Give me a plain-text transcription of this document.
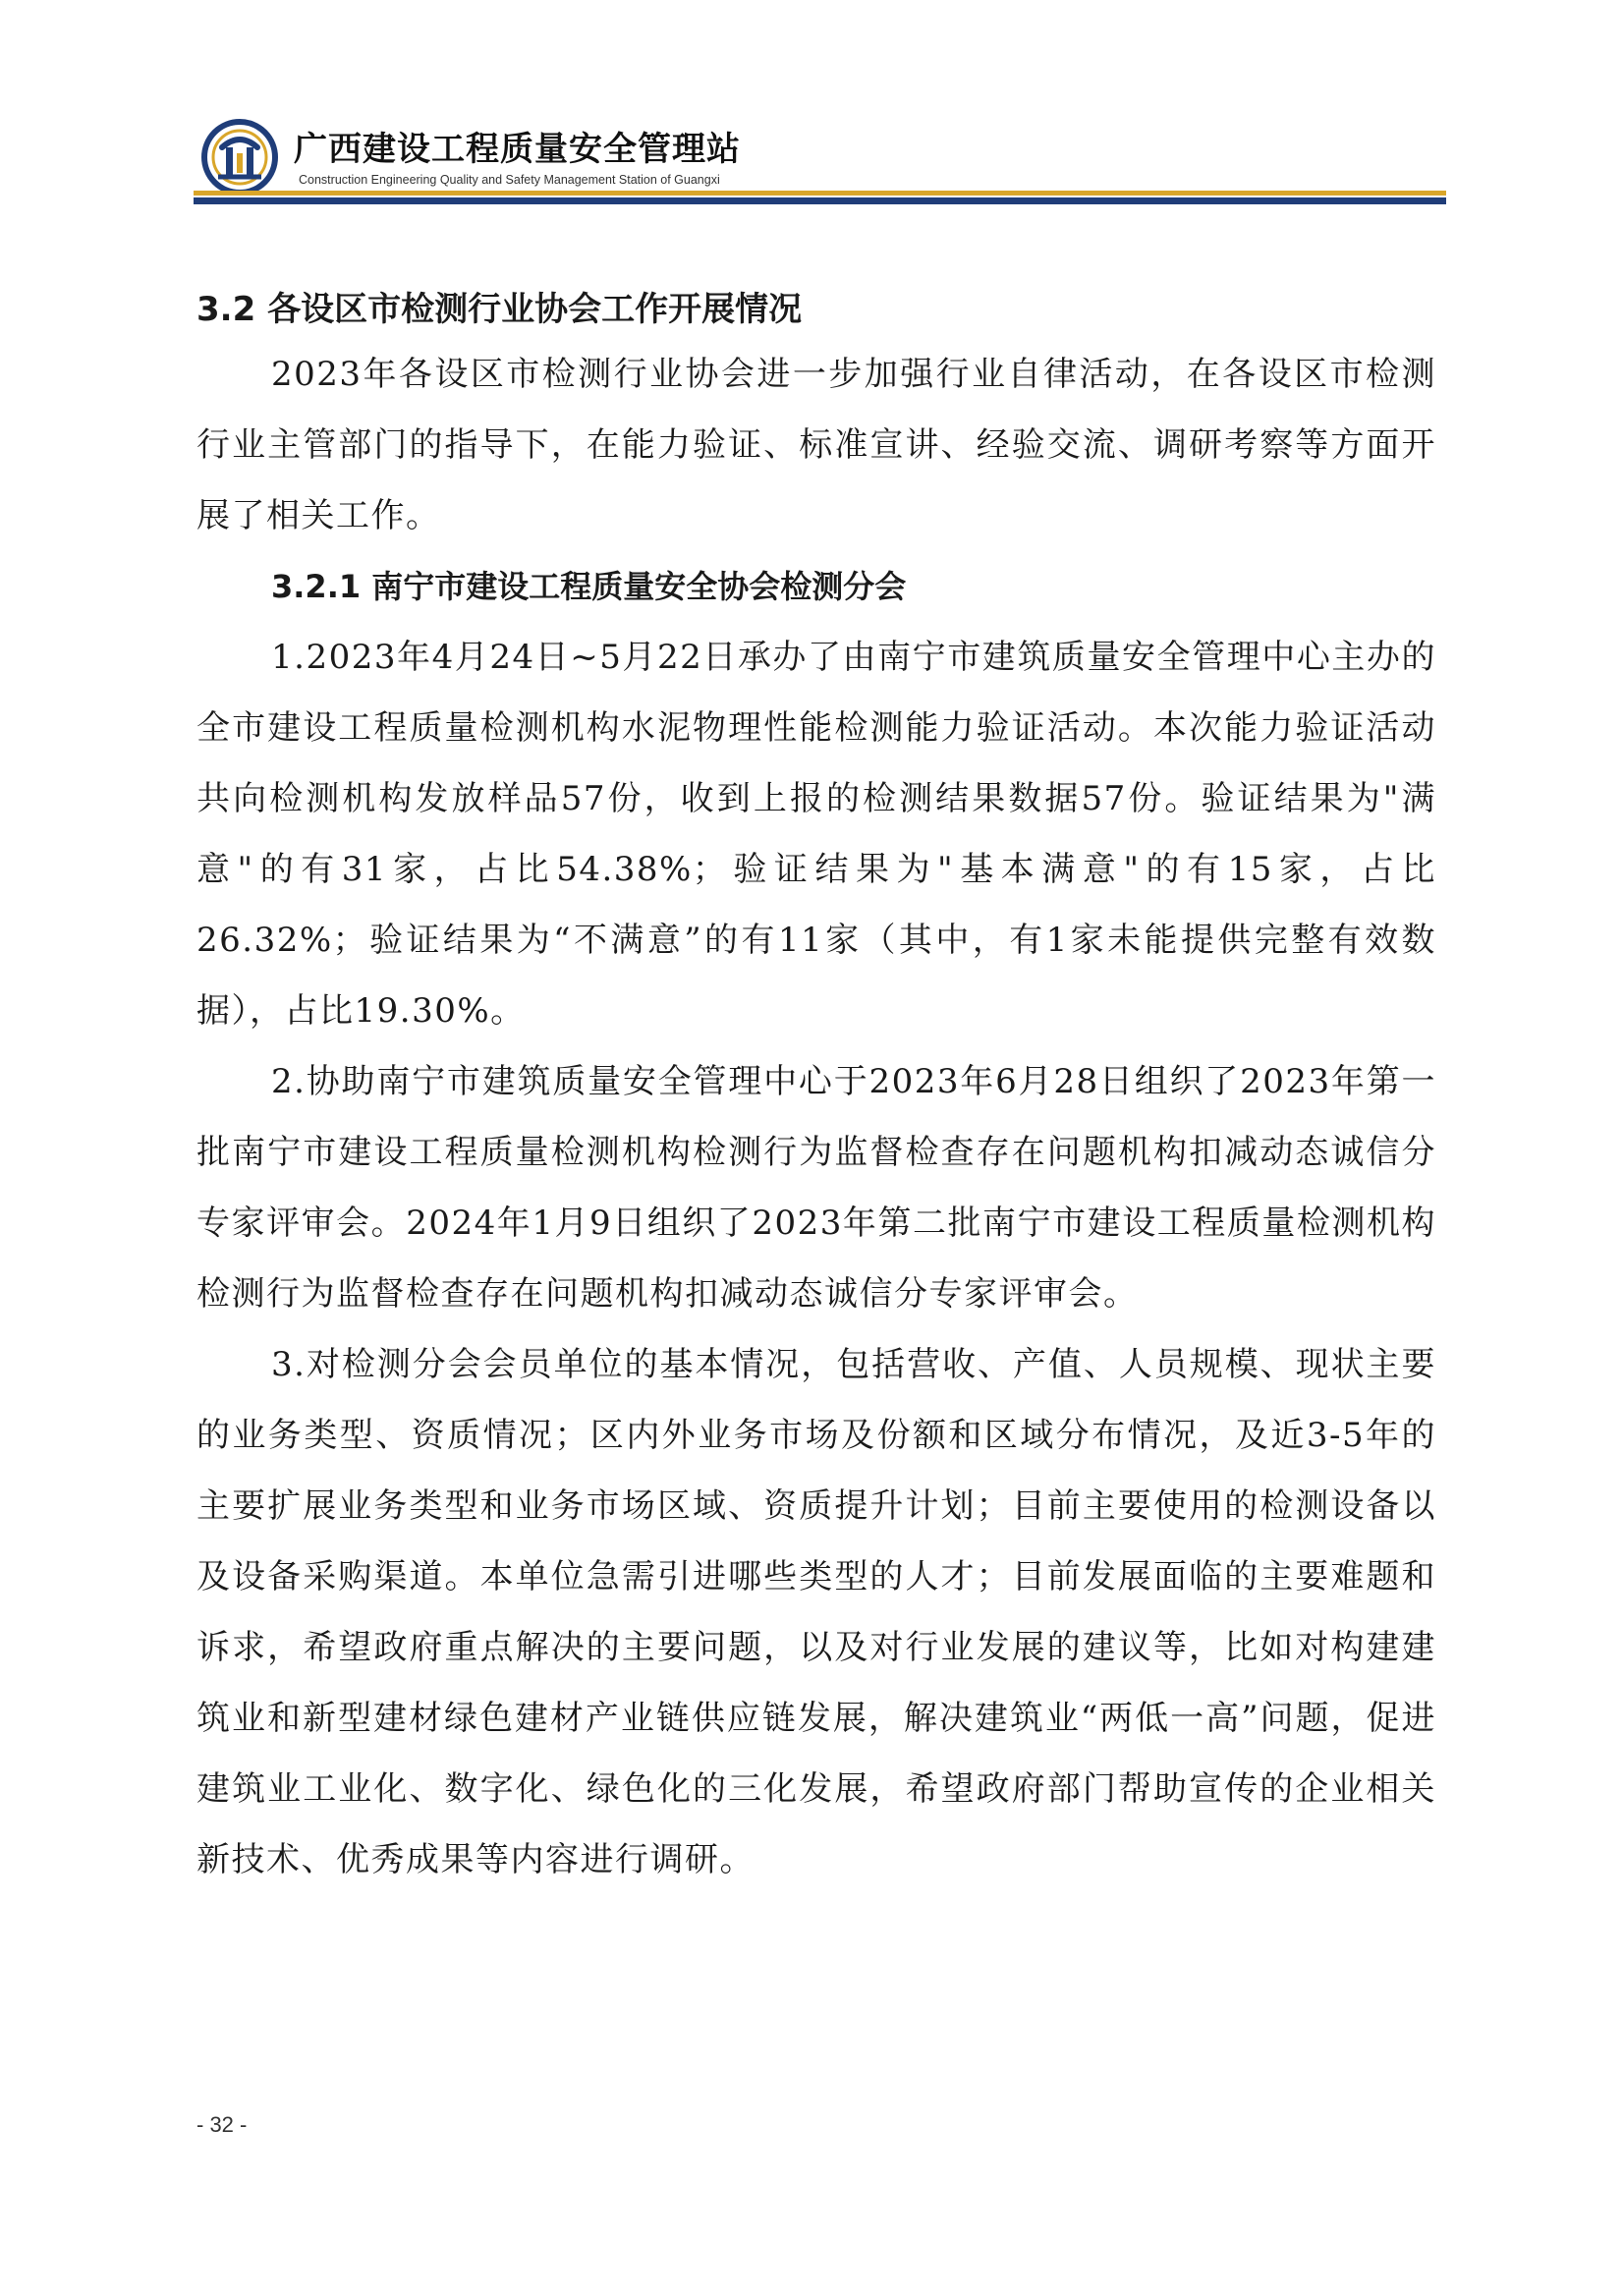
广西建设工程质量安全管理站
Construction Engineering Quality and Safety Management Station of Guangxi
3.2 各设区市检测行业协会工作开展情况

2023年各设区市检测行业协会进一步加强行业自律活动，在各设区市检测行业主管部门的指导下，在能力验证、标准宣讲、经验交流、调研考察等方面开展了相关工作。

3.2.1 南宁市建设工程质量安全协会检测分会

1.2023年4月24日~5月22日承办了由南宁市建筑质量安全管理中心主办的全市建设工程质量检测机构水泥物理性能检测能力验证活动。本次能力验证活动共向检测机构发放样品57份，收到上报的检测结果数据57份。验证结果为"满意"的有31家，占比54.38%；验证结果为"基本满意"的有15家，占比26.32%；验证结果为“不满意”的有11家（其中，有1家未能提供完整有效数据），占比19.30%。

2.协助南宁市建筑质量安全管理中心于2023年6月28日组织了2023年第一批南宁市建设工程质量检测机构检测行为监督检查存在问题机构扣减动态诚信分专家评审会。2024年1月9日组织了2023年第二批南宁市建设工程质量检测机构检测行为监督检查存在问题机构扣减动态诚信分专家评审会。

3.对检测分会会员单位的基本情况，包括营收、产值、人员规模、现状主要的业务类型、资质情况；区内外业务市场及份额和区域分布情况，及近3-5年的主要扩展业务类型和业务市场区域、资质提升计划；目前主要使用的检测设备以及设备采购渠道。本单位急需引进哪些类型的人才；目前发展面临的主要难题和诉求，希望政府重点解决的主要问题，以及对行业发展的建议等，比如对构建建筑业和新型建材绿色建材产业链供应链发展，解决建筑业“两低一高”问题，促进建筑业工业化、数字化、绿色化的三化发展，希望政府部门帮助宣传的企业相关新技术、优秀成果等内容进行调研。

- 32 -
